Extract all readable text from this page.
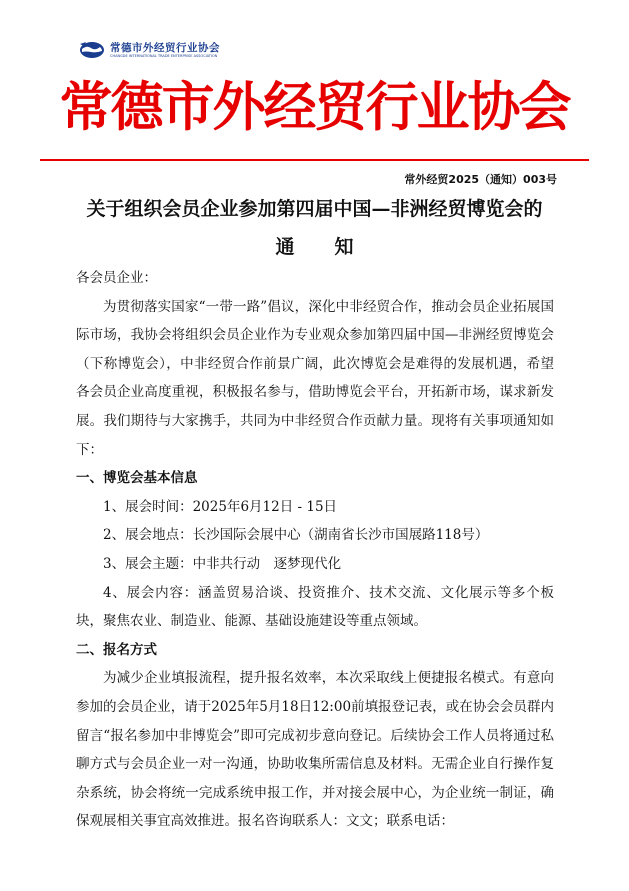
常德市外经贸行业协会
CHANGDE INTERNATIONAL TRADE ENTERPRISE ASSOCIATION
常德市外经贸行业协会
常外经贸2025（通知）003号
关于组织会员企业参加第四届中国—非洲经贸博览会的
通知

各会员企业：

为贯彻落实国家“一带一路”倡议，深化中非经贸合作，推动会员企业拓展国际市场，我协会将组织会员企业作为专业观众参加第四届中国—非洲经贸博览会（下称博览会），中非经贸合作前景广阔，此次博览会是难得的发展机遇，希望各会员企业高度重视，积极报名参与，借助博览会平台，开拓新市场，谋求新发展。我们期待与大家携手，共同为中非经贸合作贡献力量。现将有关事项通知如下：

一、博览会基本信息

1、展会时间：2025年6月12日 - 15日

2、展会地点：长沙国际会展中心（湖南省长沙市国展路118号）

3、展会主题：中非共行动　逐梦现代化

4、展会内容：涵盖贸易洽谈、投资推介、技术交流、文化展示等多个板块，聚焦农业、制造业、能源、基础设施建设等重点领域。

二、报名方式

为减少企业填报流程，提升报名效率，本次采取线上便捷报名模式。有意向参加的会员企业，请于2025年5月18日12:00前填报登记表，或在协会会员群内留言“报名参加中非博览会”即可完成初步意向登记。后续协会工作人员将通过私聊方式与会员企业一对一沟通，协助收集所需信息及材料。无需企业自行操作复杂系统，协会将统一完成系统申报工作，并对接会展中心，为企业统一制证，确保观展相关事宜高效推进。报名咨询联系人：文文；联系电话：
